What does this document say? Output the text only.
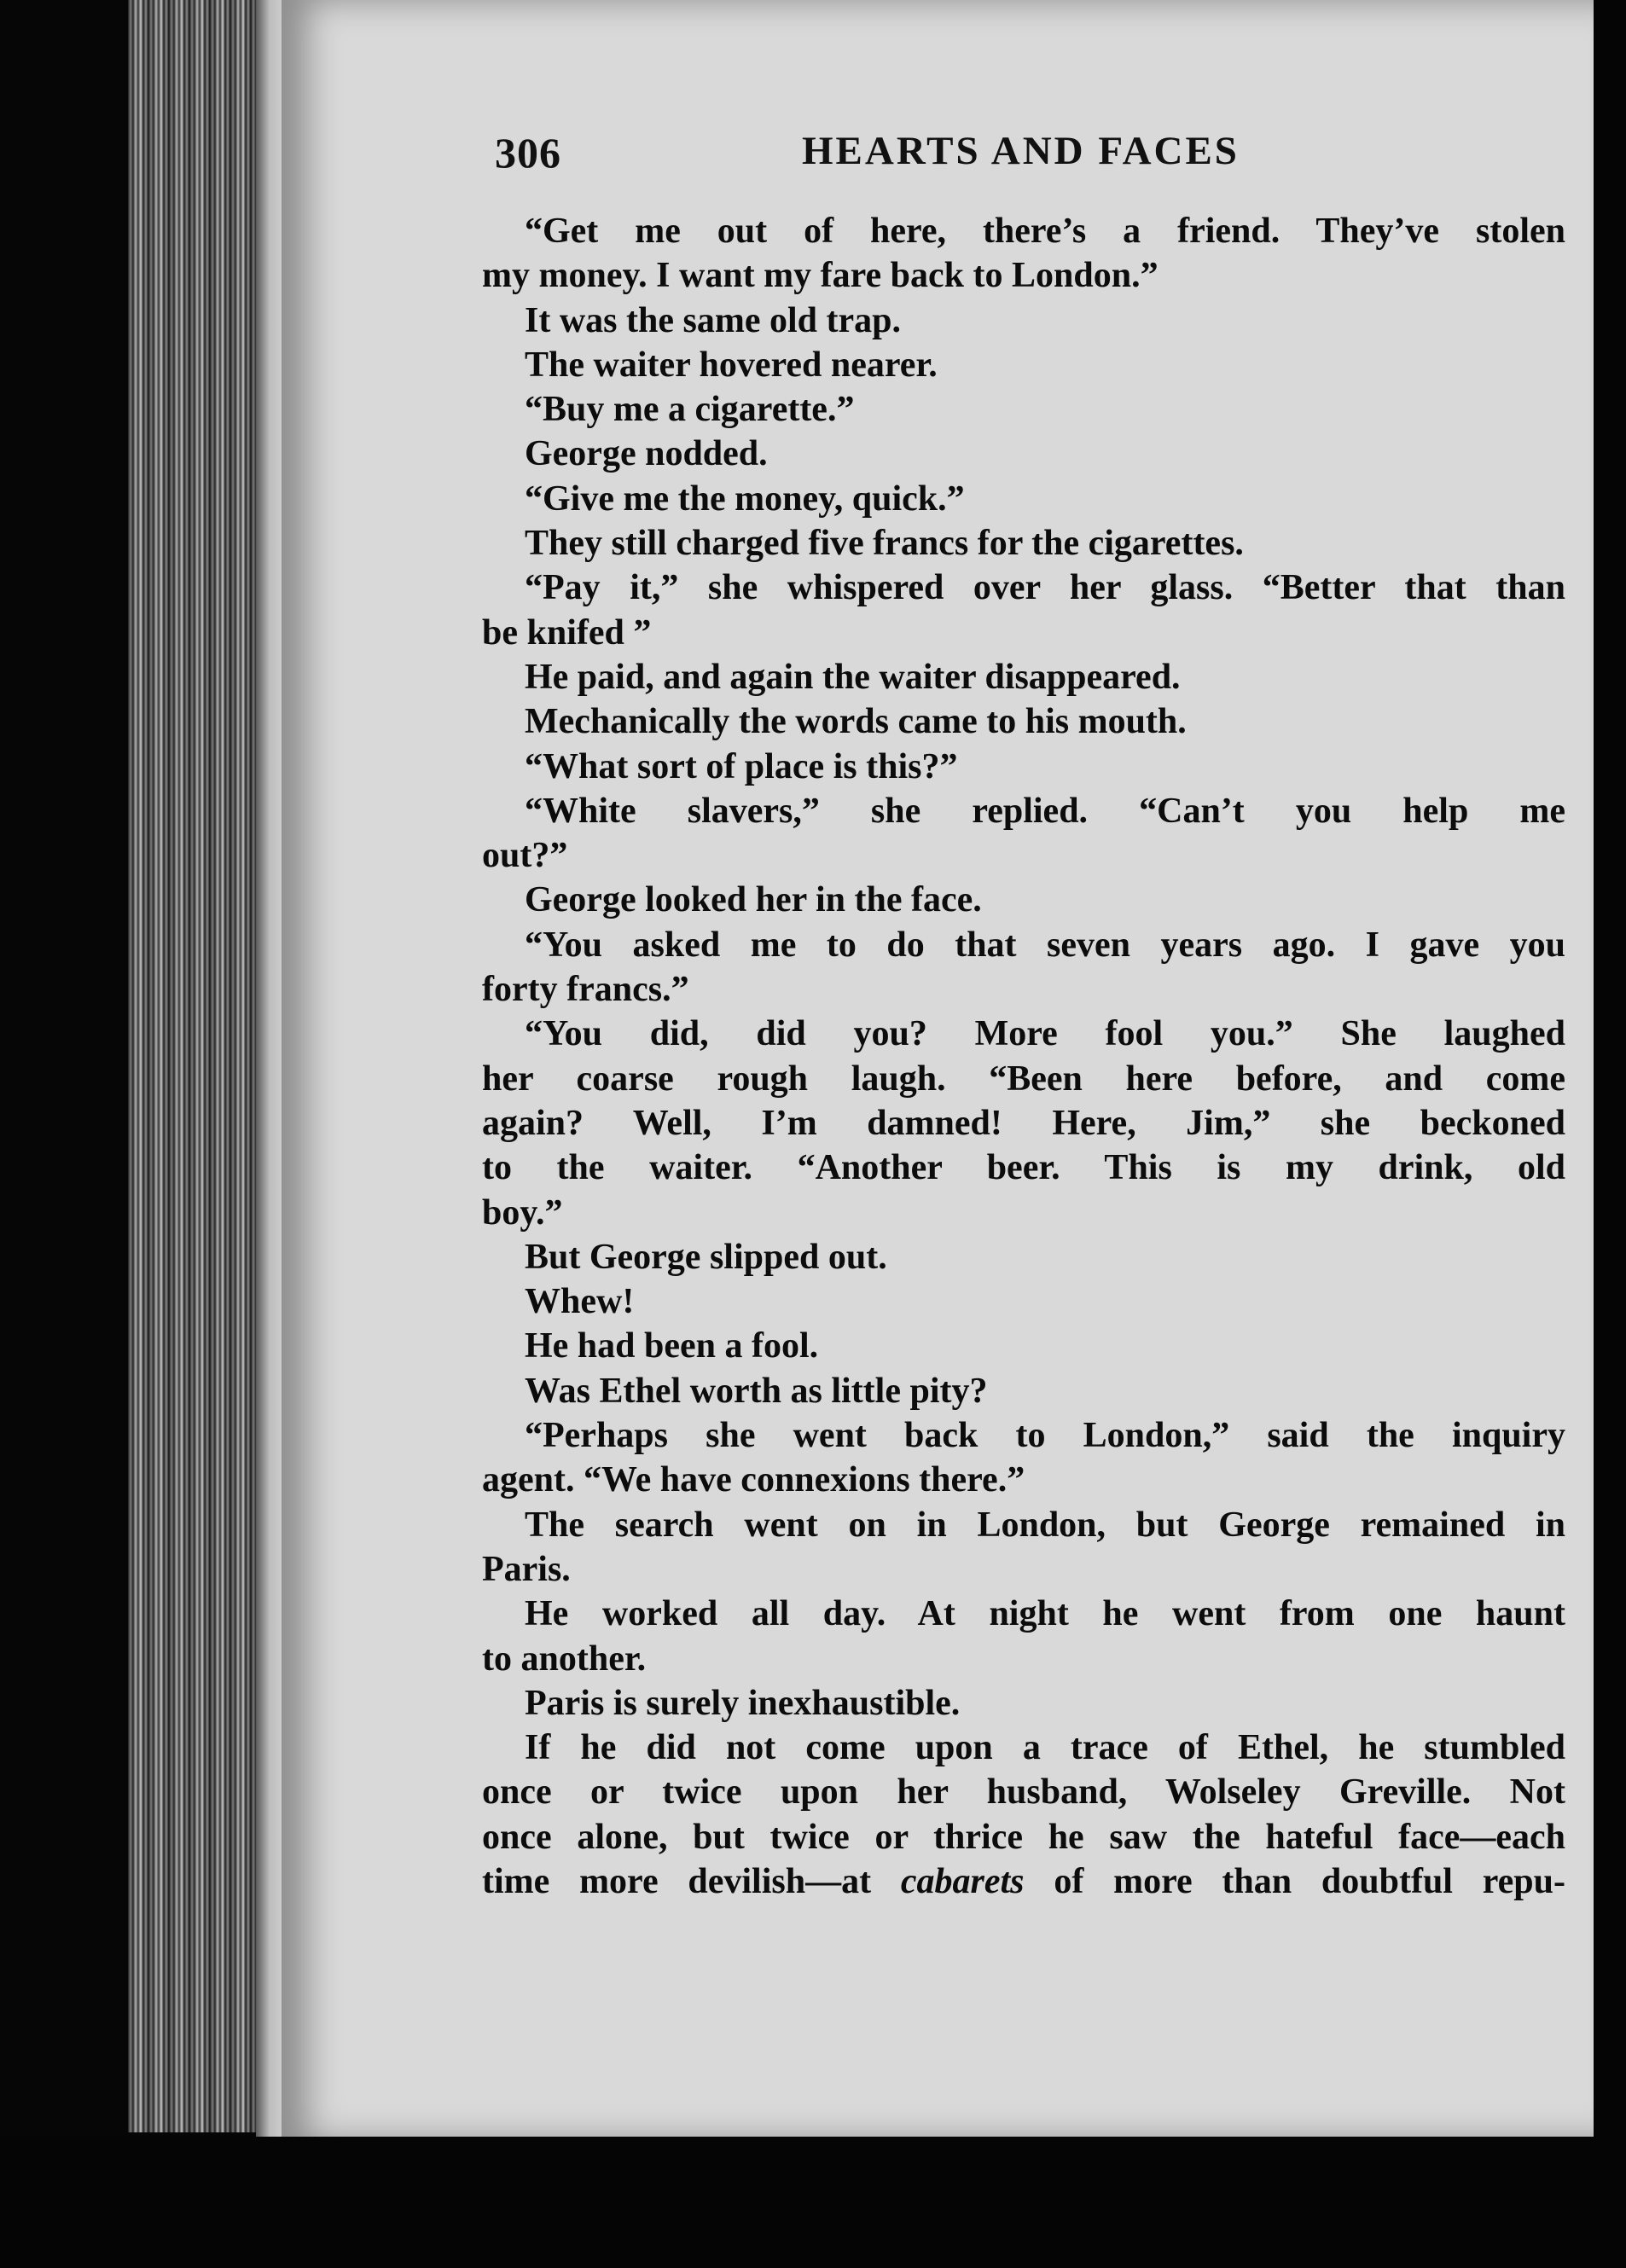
306	HEARTS AND FACES
“Get me out of here, there’s a friend. They’ve stolen
my money. I want my fare back to London.”
It was the same old trap.
The waiter hovered nearer.
“Buy me a cigarette.”
George nodded.
“Give me the money, quick.”
They still charged five francs for the cigarettes.
“Pay it,” she whispered over her glass. “Better that than
be knifed ”
He paid, and again the waiter disappeared.
Mechanically the words came to his mouth.
“What sort of place is this?”
“White slavers,” she replied. “Can’t you help me
out?”
George looked her in the face.
“You asked me to do that seven years ago. I gave you
forty francs.”
“You did, did you? More fool you.” She laughed
her coarse rough laugh. “Been here before, and come
again? Well, I’m damned! Here, Jim,” she beckoned
to the waiter. “Another beer. This is my drink, old
boy.”
But George slipped out.
Whew!
He had been a fool.
Was Ethel worth as little pity?
“Perhaps she went back to London,” said the inquiry
agent. “We have connexions there.”
The search went on in London, but George remained in
Paris.
He worked all day. At night he went from one haunt
to another.
Paris is surely inexhaustible.
If he did not come upon a trace of Ethel, he stumbled
once or twice upon her husband, Wolseley Greville. Not
once alone, but twice or thrice he saw the hateful face—each
time more devilish—at cabarets of more than doubtful repu-
